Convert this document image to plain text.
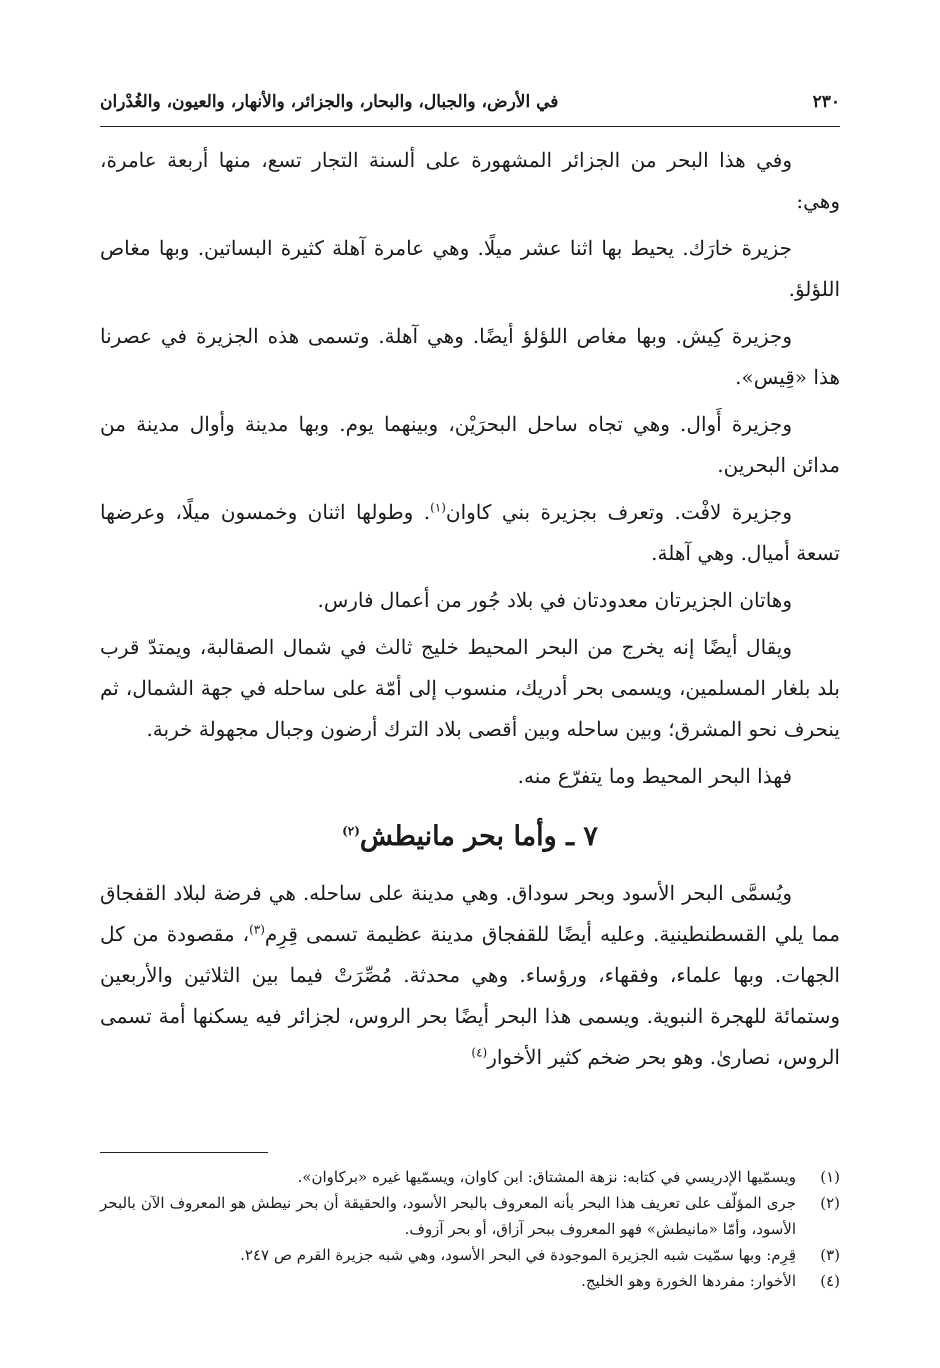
٢٣٠
في الأرض، والجبال، والبحار، والجزائر، والأنهار، والعيون، والغُدْران

وفي هذا البحر من الجزائر المشهورة على ألسنة التجار تسع، منها أربعة عامرة، وهي:

جزيرة خارَك. يحيط بها اثنا عشر ميلًا. وهي عامرة آهلة كثيرة البساتين. وبها مغاص اللؤلؤ.

وجزيرة كِيش. وبها مغاص اللؤلؤ أيضًا. وهي آهلة. وتسمى هذه الجزيرة في عصرنا هذا «قِيس».

وجزيرة أَوال. وهي تجاه ساحل البحرَيْن، وبينهما يوم. وبها مدينة وأوال مدينة من مدائن البحرين.

وجزيرة لافْت. وتعرف بجزيرة بني كاوان$^{(١)}$. وطولها اثنان وخمسون ميلًا، وعرضها تسعة أميال. وهي آهلة.

وهاتان الجزيرتان معدودتان في بلاد جُور من أعمال فارس.

ويقال أيضًا إنه يخرج من البحر المحيط خليج ثالث في شمال الصقالبة، ويمتدّ قرب بلد بلغار المسلمين، ويسمى بحر أدريك، منسوب إلى أمّة على ساحله في جهة الشمال، ثم ينحرف نحو المشرق؛ وبين ساحله وبين أقصى بلاد الترك أرضون وجبال مجهولة خربة.

فهذا البحر المحيط وما يتفرّع منه.

٧ ـ وأما بحر مانيطش$^{(٢)}$

ويُسمَّى البحر الأسود وبحر سوداق. وهي مدينة على ساحله. هي فرضة لبلاد القفجاق مما يلي القسطنطينية. وعليه أيضًا للقفجاق مدينة عظيمة تسمى قِرِم$^{(٣)}$، مقصودة من كل الجهات. وبها علماء، وفقهاء، ورؤساء. وهي محدثة. مُصِّرَتْ فيما بين الثلاثين والأربعين وستمائة للهجرة النبوية. ويسمى هذا البحر أيضًا بحر الروس، لجزائر فيه يسكنها أمة تسمى الروس، نصارىٰ. وهو بحر ضخم كثير الأخوار$^{(٤)}$

(١)
ويسمّيها الإدريسي في كتابه: نزهة المشتاق: ابن كاوان، ويسمّيها غيره «بركاوان».
(٢)
جرى المؤلّف على تعريف هذا البحر بأنه المعروف بالبحر الأسود، والحقيقة أن بحر نيطش هو المعروف الآن بالبحر الأسود، وأمّا «مانيطش» فهو المعروف ببحر آزاق، أو بحر آزوف.
(٣)
قِرِم: وبها سمّيت شبه الجزيرة الموجودة في البحر الأسود، وهي شبه جزيرة القرم ص ٢٤٧.
(٤)
الأخوار: مفردها الخورة وهو الخليج.
